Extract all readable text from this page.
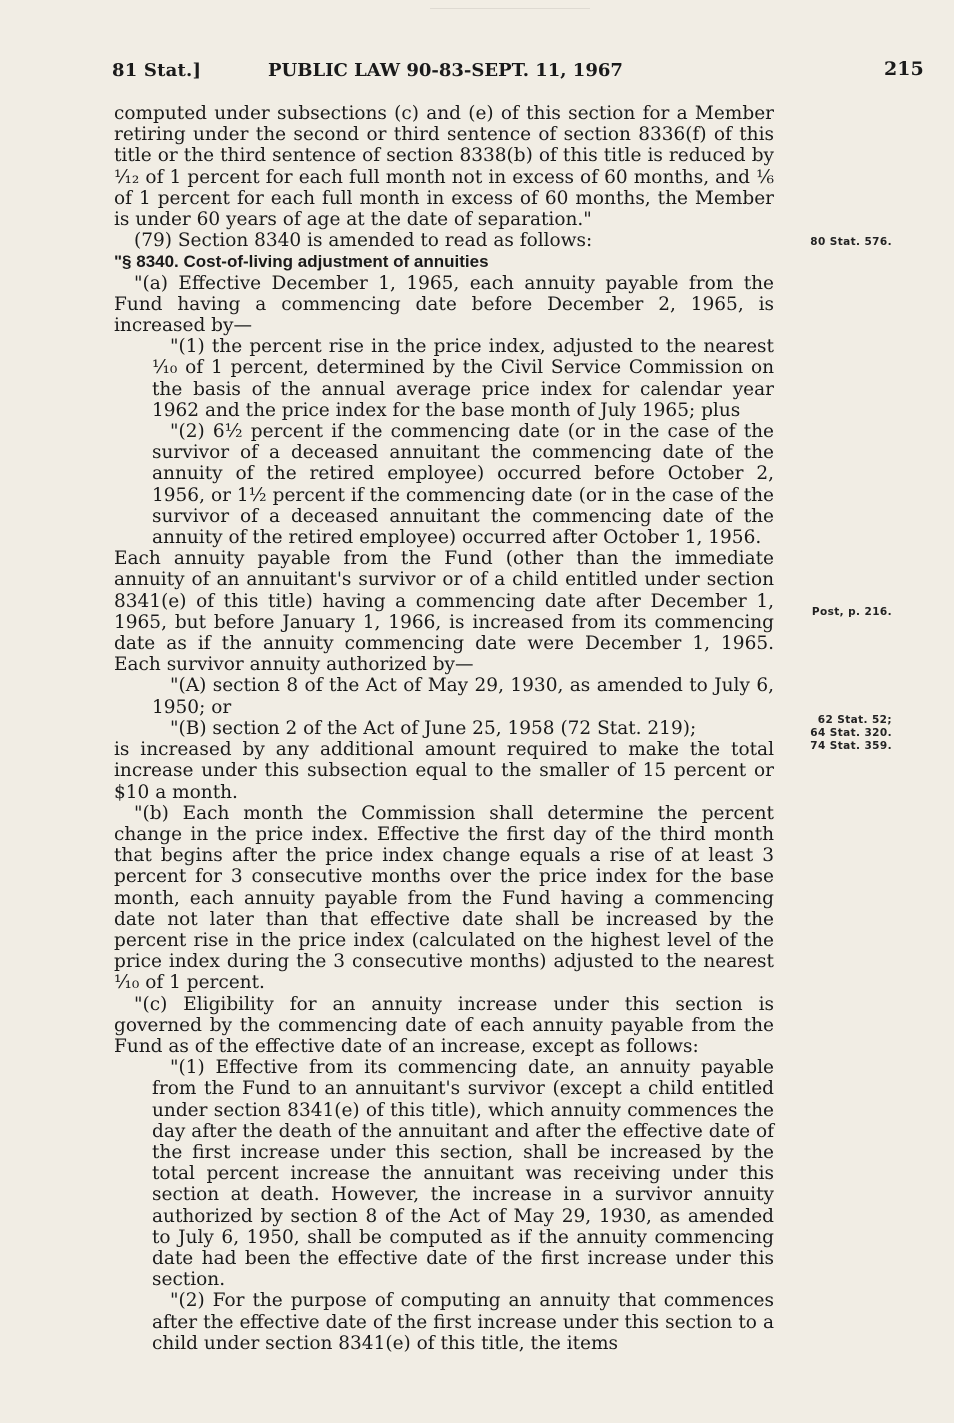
81 Stat.]	PUBLIC LAW 90-83-SEPT. 11, 1967	215

computed under subsections (c) and (e) of this section for a Member retiring under the second or third sentence of section 8336(f) of this title or the third sentence of section 8338(b) of this title is reduced by ¹⁄₁₂ of 1 percent for each full month not in excess of 60 months, and ⅙ of 1 percent for each full month in excess of 60 months, the Member is under 60 years of age at the date of separation."

(79) Section 8340 is amended to read as follows:

"§ 8340. Cost-of-living adjustment of annuities

"(a) Effective December 1, 1965, each annuity payable from the Fund having a commencing date before December 2, 1965, is increased by—

"(1) the percent rise in the price index, adjusted to the nearest ¹⁄₁₀ of 1 percent, determined by the Civil Service Commission on the basis of the annual average price index for calendar year 1962 and the price index for the base month of July 1965; plus

"(2) 6½ percent if the commencing date (or in the case of the survivor of a deceased annuitant the commencing date of the annuity of the retired employee) occurred before October 2, 1956, or 1½ percent if the commencing date (or in the case of the survivor of a deceased annuitant the commencing date of the annuity of the retired employee) occurred after October 1, 1956.

Each annuity payable from the Fund (other than the immediate annuity of an annuitant's survivor or of a child entitled under section 8341(e) of this title) having a commencing date after December 1, 1965, but before January 1, 1966, is increased from its commencing date as if the annuity commencing date were December 1, 1965. Each survivor annuity authorized by—

"(A) section 8 of the Act of May 29, 1930, as amended to July 6, 1950; or

"(B) section 2 of the Act of June 25, 1958 (72 Stat. 219);

is increased by any additional amount required to make the total increase under this subsection equal to the smaller of 15 percent or $10 a month.

"(b) Each month the Commission shall determine the percent change in the price index. Effective the first day of the third month that begins after the price index change equals a rise of at least 3 percent for 3 consecutive months over the price index for the base month, each annuity payable from the Fund having a commencing date not later than that effective date shall be increased by the percent rise in the price index (calculated on the highest level of the price index during the 3 consecutive months) adjusted to the nearest ¹⁄₁₀ of 1 percent.

"(c) Eligibility for an annuity increase under this section is governed by the commencing date of each annuity payable from the Fund as of the effective date of an increase, except as follows:

"(1) Effective from its commencing date, an annuity payable from the Fund to an annuitant's survivor (except a child entitled under section 8341(e) of this title), which annuity commences the day after the death of the annuitant and after the effective date of the first increase under this section, shall be increased by the total percent increase the annuitant was receiving under this section at death. However, the increase in a survivor annuity authorized by section 8 of the Act of May 29, 1930, as amended to July 6, 1950, shall be computed as if the annuity commencing date had been the effective date of the first increase under this section.

"(2) For the purpose of computing an annuity that commences after the effective date of the first increase under this section to a child under section 8341(e) of this title, the items

80 Stat. 576.
Post, p. 216.
62 Stat. 52;
64 Stat. 320.
74 Stat. 359.
